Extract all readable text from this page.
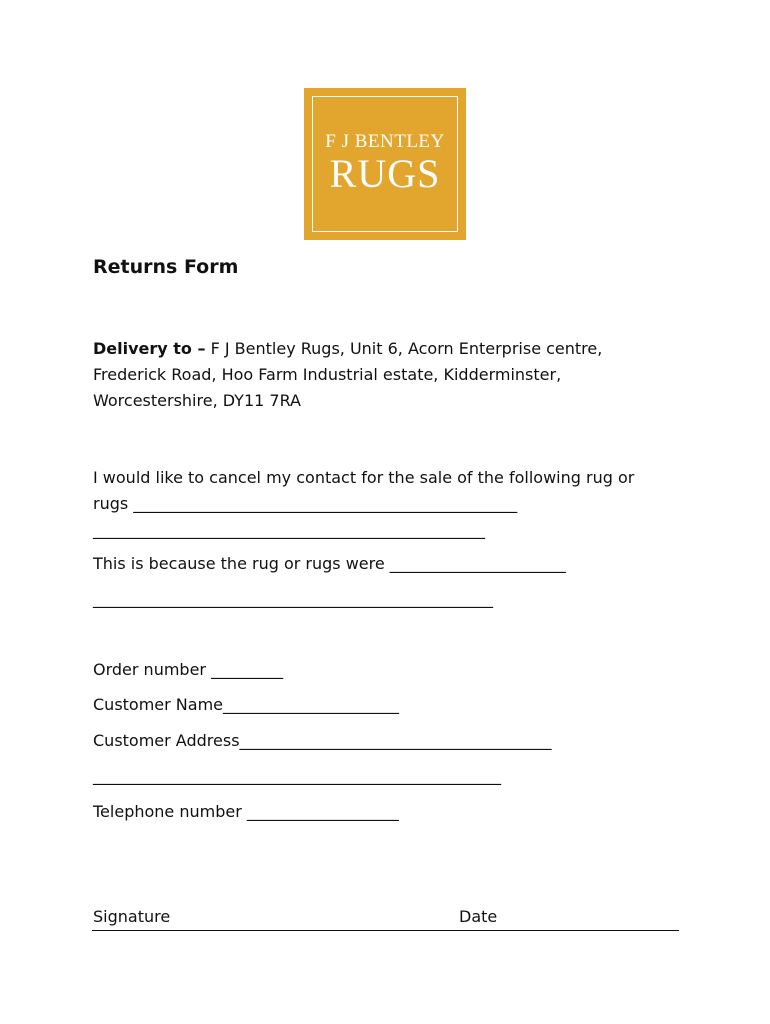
F J BENTLEY
RUGS
Returns Form
Delivery to – F J Bentley Rugs, Unit 6, Acorn Enterprise centre,
Frederick Road, Hoo Farm Industrial estate, Kidderminster,
Worcestershire, DY11 7RA
I would like to cancel my contact for the sale of the following rug or
rugs ________________________________________________
_________________________________________________
This is because the rug or rugs were ______________________
__________________________________________________
Order number _________
Customer Name______________________
Customer Address_______________________________________
___________________________________________________
Telephone number ___________________
Signature	Date
